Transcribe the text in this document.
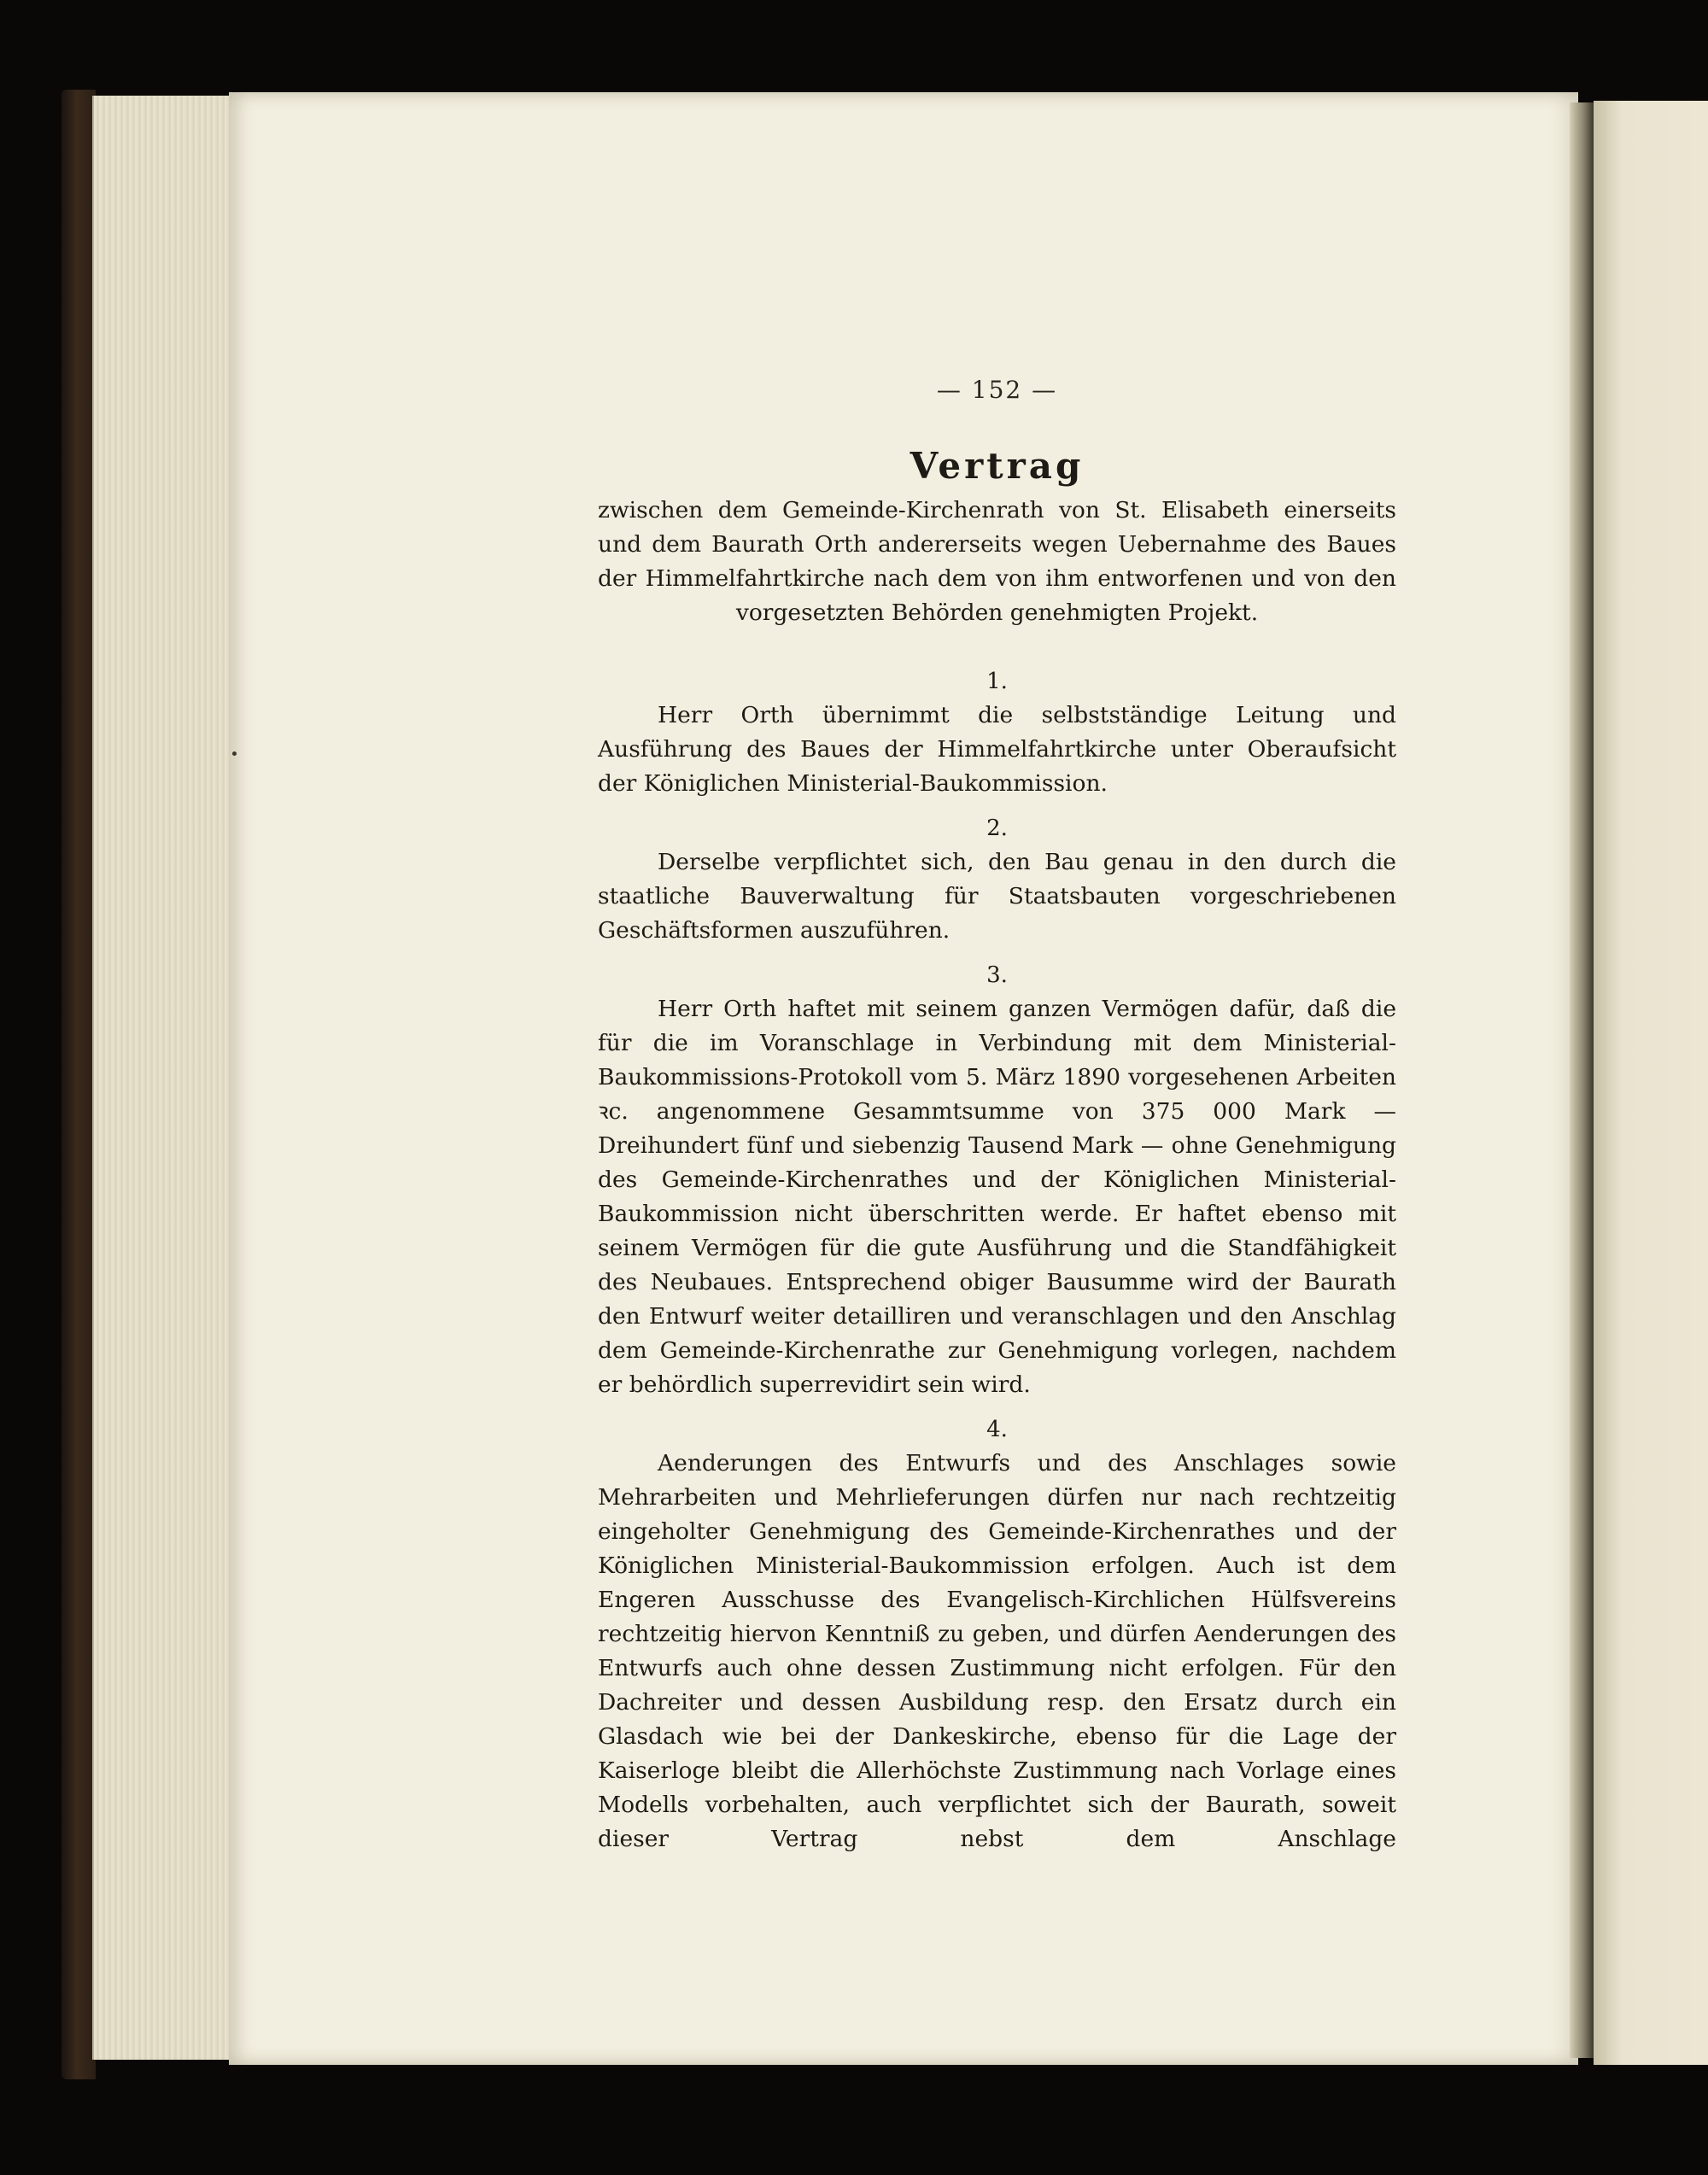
— 152 —

Vertrag

zwischen dem Gemeinde-Kirchenrath von St. Elisabeth einerseits und dem Baurath Orth andererseits wegen Uebernahme des Baues der Himmelfahrtkirche nach dem von ihm entworfenen und von den vorgesetzten Behörden genehmigten Projekt.

1.

Herr Orth übernimmt die selbstständige Leitung und Ausführung des Baues der Himmelfahrtkirche unter Oberaufsicht der Königlichen Ministerial-Baukommission.

2.

Derselbe verpflichtet sich, den Bau genau in den durch die staatliche Bauverwaltung für Staatsbauten vorgeschriebenen Geschäftsformen auszuführen.

3.

Herr Orth haftet mit seinem ganzen Vermögen dafür, daß die für die im Voranschlage in Verbindung mit dem Ministerial-Baukommissions-Protokoll vom 5. März 1890 vorgesehenen Arbeiten ꝛc. angenommene Gesammtsumme von 375 000 Mark — Dreihundert fünf und siebenzig Tausend Mark — ohne Genehmigung des Gemeinde-Kirchenrathes und der Königlichen Ministerial-Baukommission nicht überschritten werde. Er haftet ebenso mit seinem Vermögen für die gute Ausführung und die Standfähigkeit des Neubaues. Entsprechend obiger Bausumme wird der Baurath den Entwurf weiter detailliren und veranschlagen und den Anschlag dem Gemeinde-Kirchenrathe zur Genehmigung vorlegen, nachdem er behördlich superrevidirt sein wird.

4.

Aenderungen des Entwurfs und des Anschlages sowie Mehrarbeiten und Mehrlieferungen dürfen nur nach rechtzeitig eingeholter Genehmigung des Gemeinde-Kirchenrathes und der Königlichen Ministerial-Baukommission erfolgen. Auch ist dem Engeren Ausschusse des Evangelisch-Kirchlichen Hülfsvereins rechtzeitig hiervon Kenntniß zu geben, und dürfen Aenderungen des Entwurfs auch ohne dessen Zustimmung nicht erfolgen. Für den Dachreiter und dessen Ausbildung resp. den Ersatz durch ein Glasdach wie bei der Dankeskirche, ebenso für die Lage der Kaiserloge bleibt die Allerhöchste Zustimmung nach Vorlage eines Modells vorbehalten, auch verpflichtet sich der Baurath, soweit dieser Vertrag nebst dem Anschlage
